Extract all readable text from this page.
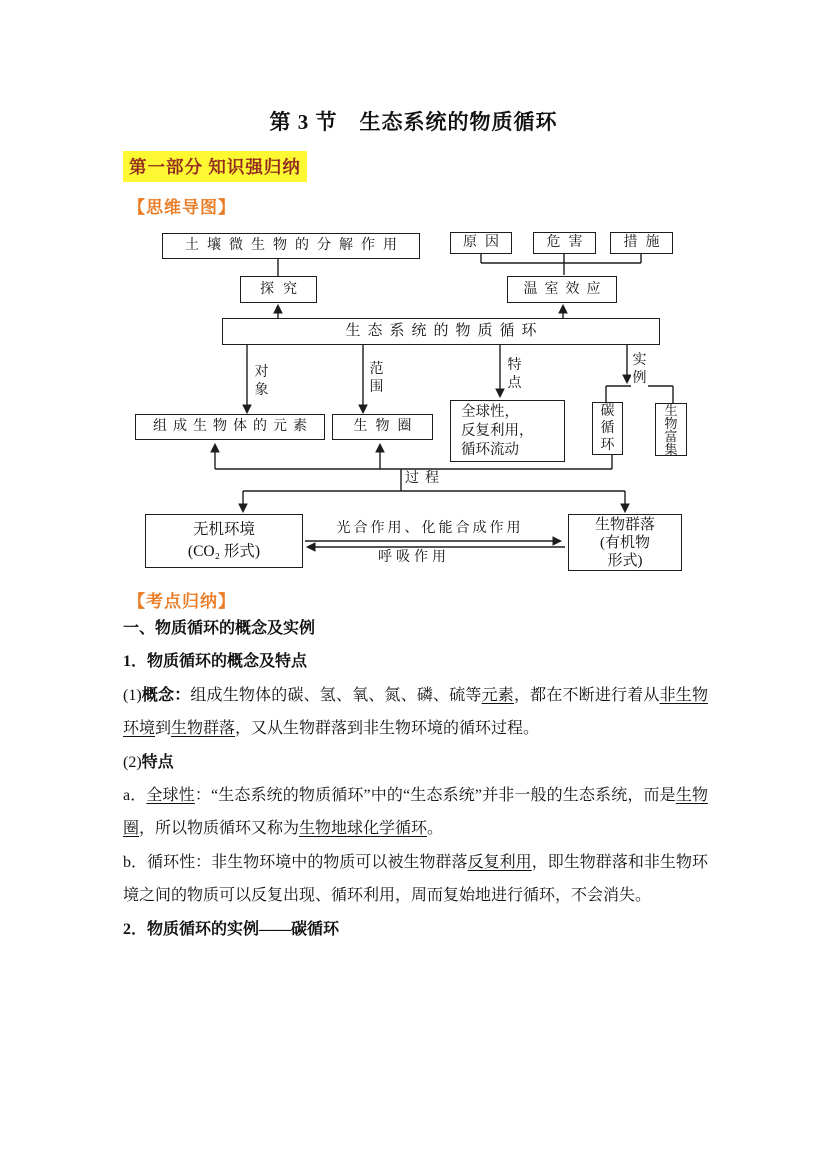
第 3 节　生态系统的物质循环
第一部分 知识强归纳
【思维导图】
土壤微生物的分解作用	原因	危害	措施
探究	温室效应
生态系统的物质循环
组成生物体的元素	生物圈
全球性，
反复利用，
循环流动
碳循环
生物富集
无机环境
(CO₂ 形式)
生物群落
(有机物
形式)
对象
范围
特点
实例
过程
光合作用、化能合成作用
呼吸作用
【考点归纳】
一、物质循环的概念及实例
1．物质循环的概念及特点
(1)概念：组成生物体的碳、氢、氧、氮、磷、硫等元素，都在不断进行着从非生物环境到生物群落，又从生物群落到非生物环境的循环过程。
(2)特点
a．全球性：“生态系统的物质循环”中的“生态系统”并非一般的生态系统，而是生物圈，所以物质循环又称为生物地球化学循环。
b．循环性：非生物环境中的物质可以被生物群落反复利用，即生物群落和非生物环境之间的物质可以反复出现、循环利用，周而复始地进行循环，不会消失。
2．物质循环的实例——碳循环
